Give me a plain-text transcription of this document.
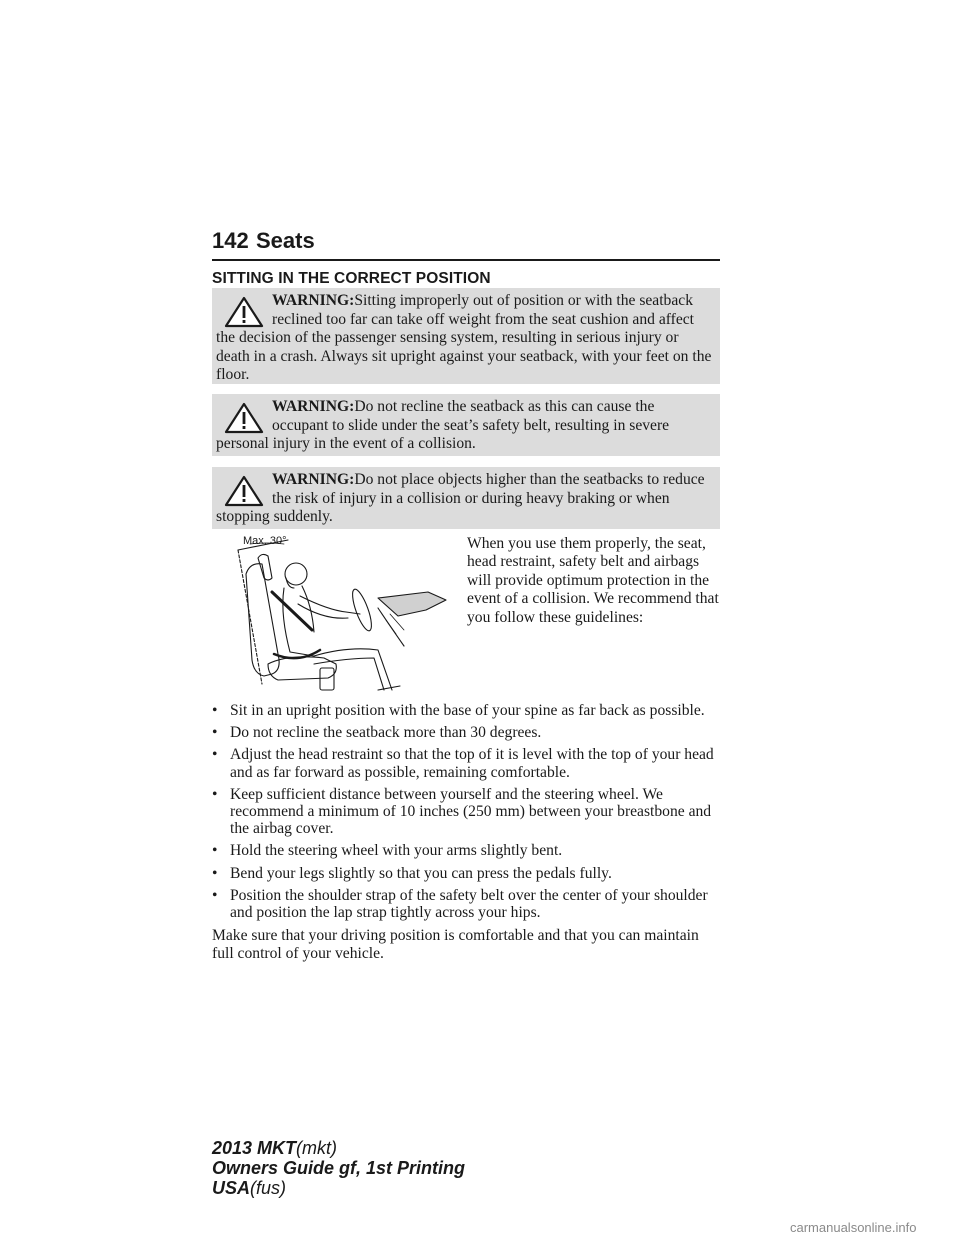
142 Seats
SITTING IN THE CORRECT POSITION
WARNING:Sitting improperly out of position or with the seatback reclined too far can take off weight from the seat cushion and affect the decision of the passenger sensing system, resulting in serious injury or death in a crash. Always sit upright against your seatback, with your feet on the floor.
WARNING:Do not recline the seatback as this can cause the occupant to slide under the seat’s safety belt, resulting in severe personal injury in the event of a collision.
WARNING:Do not place objects higher than the seatbacks to reduce the risk of injury in a collision or during heavy braking or when stopping suddenly.
Max. 30°	When you use them properly, the seat, head restraint, safety belt and airbags will provide optimum protection in the event of a collision. We recommend that you follow these guidelines:
• Sit in an upright position with the base of your spine as far back as possible.
• Do not recline the seatback more than 30 degrees.
• Adjust the head restraint so that the top of it is level with the top of your head and as far forward as possible, remaining comfortable.
• Keep sufficient distance between yourself and the steering wheel. We recommend a minimum of 10 inches (250 mm) between your breastbone and the airbag cover.
• Hold the steering wheel with your arms slightly bent.
• Bend your legs slightly so that you can press the pedals fully.
• Position the shoulder strap of the safety belt over the center of your shoulder and position the lap strap tightly across your hips.
Make sure that your driving position is comfortable and that you can maintain full control of your vehicle.
2013 MKT(mkt)
Owners Guide gf, 1st Printing
USA(fus)
carmanualsonline.info
